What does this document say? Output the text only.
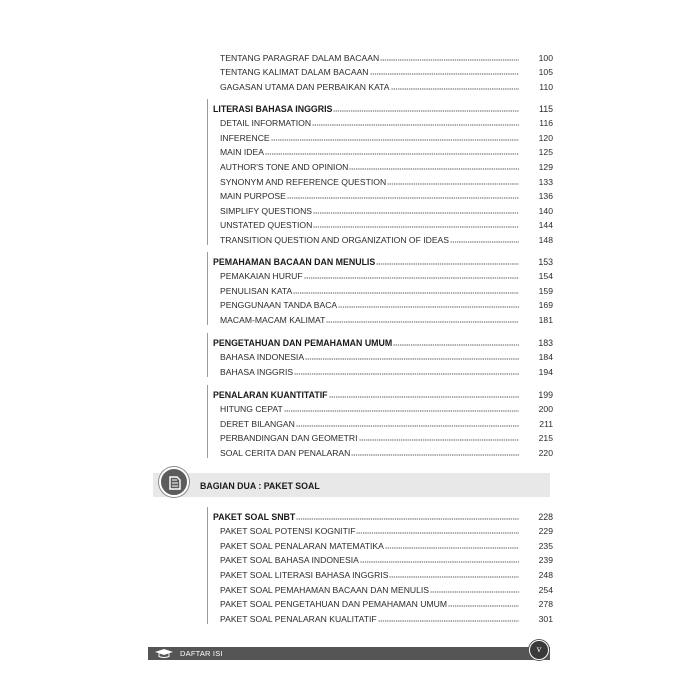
TENTANG PARAGRAF DALAM BACAAN	100
TENTANG KALIMAT DALAM BACAAN	105
GAGASAN UTAMA DAN PERBAIKAN KATA	110
LITERASI BAHASA INGGRIS	115
DETAIL INFORMATION	116
INFERENCE	120
MAIN IDEA	125
AUTHOR'S TONE AND OPINION	129
SYNONYM AND REFERENCE QUESTION	133
MAIN PURPOSE	136
SIMPLIFY QUESTIONS	140
UNSTATED QUESTION	144
TRANSITION QUESTION AND ORGANIZATION OF IDEAS	148
PEMAHAMAN BACAAN DAN MENULIS	153
PEMAKAIAN HURUF	154
PENULISAN KATA	159
PENGGUNAAN TANDA BACA	169
MACAM-MACAM KALIMAT	181
PENGETAHUAN DAN PEMAHAMAN UMUM	183
BAHASA INDONESIA	184
BAHASA INGGRIS	194
PENALARAN KUANTITATIF	199
HITUNG CEPAT	200
DERET BILANGAN	211
PERBANDINGAN DAN GEOMETRI	215
SOAL CERITA DAN PENALARAN	220
BAGIAN DUA : PAKET SOAL
PAKET SOAL SNBT	228
PAKET SOAL POTENSI KOGNITIF	229
PAKET SOAL PENALARAN MATEMATIKA	235
PAKET SOAL BAHASA INDONESIA	239
PAKET SOAL LITERASI BAHASA INGGRIS	248
PAKET SOAL PEMAHAMAN BACAAN DAN MENULIS	254
PAKET SOAL PENGETAHUAN DAN PEMAHAMAN UMUM	278
PAKET SOAL PENALARAN KUALITATIF	301
DAFTAR ISI	v
